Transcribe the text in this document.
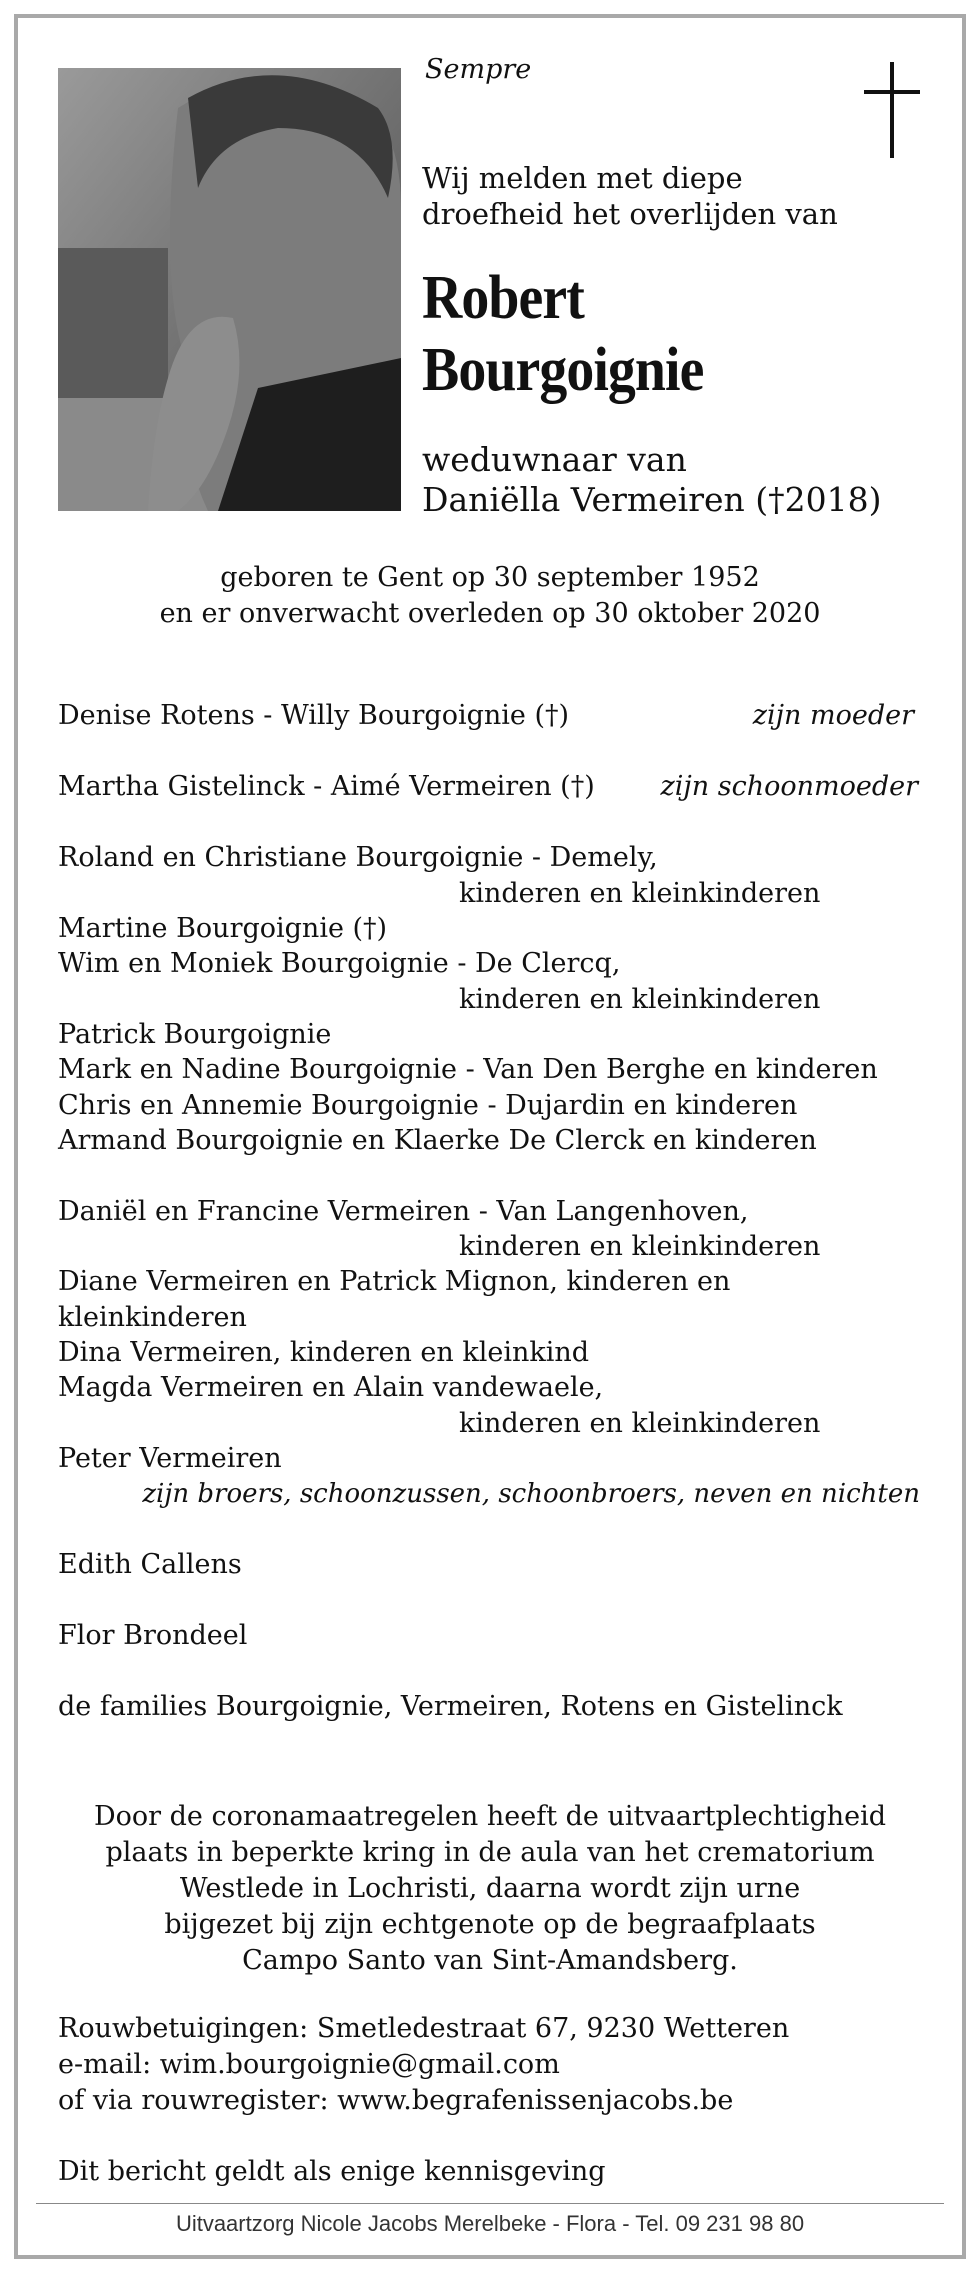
Sempre
Wij melden met diepe
droefheid het overlijden van
Robert
Bourgoignie
weduwnaar van
Daniëlla Vermeiren (†2018)
geboren te Gent op 30 september 1952
en er onverwacht overleden op 30 oktober 2020
Denise Rotens - Willy Bourgoignie (†)	zijn moeder
Martha Gistelinck - Aimé Vermeiren (†) zijn schoonmoeder
Roland en Christiane Bourgoignie - Demely,
kinderen en kleinkinderen
Martine Bourgoignie (†)
Wim en Moniek Bourgoignie - De Clercq,
kinderen en kleinkinderen
Patrick Bourgoignie
Mark en Nadine Bourgoignie - Van Den Berghe en kinderen
Chris en Annemie Bourgoignie - Dujardin en kinderen
Armand Bourgoignie en Klaerke De Clerck en kinderen
Daniël en Francine Vermeiren - Van Langenhoven,
kinderen en kleinkinderen
Diane Vermeiren en Patrick Mignon, kinderen en
kleinkinderen
Dina Vermeiren, kinderen en kleinkind
Magda Vermeiren en Alain vandewaele,
kinderen en kleinkinderen
Peter Vermeiren
zijn broers, schoonzussen, schoonbroers, neven en nichten
Edith Callens
Flor Brondeel
de families Bourgoignie, Vermeiren, Rotens en Gistelinck
Door de coronamaatregelen heeft de uitvaartplechtigheid
plaats in beperkte kring in de aula van het crematorium
Westlede in Lochristi, daarna wordt zijn urne
bijgezet bij zijn echtgenote op de begraafplaats
Campo Santo van Sint-Amandsberg.
Rouwbetuigingen: Smetledestraat 67, 9230 Wetteren
e-mail: wim.bourgoignie@gmail.com
of via rouwregister: www.begrafenissenjacobs.be
Dit bericht geldt als enige kennisgeving
Uitvaartzorg Nicole Jacobs Merelbeke - Flora - Tel. 09 231 98 80
